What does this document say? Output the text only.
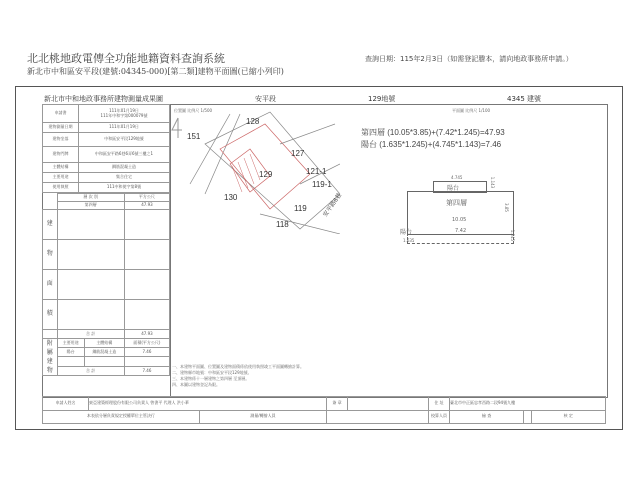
北北桃地政電傳全功能地籍資料查詢系統
新北市中和區安平段(建號:04345-000)[第二類]建物平面圖(已縮小列印)
查詢日期：115年2月3日（如需登記謄本，請向地政事務所申請。）
新北市中和地政事務所建物測量成果圖	安平段	129地號	4345 建號
申請書	111年01月19日
111年中和字第000079號
建物測量日期	111年01月19日
建物坐落	中和區安平段129地號
建物門牌	中和區安平路6巷6弄6號三樓之1
主體結構	鋼筋混凝土造
主要用途	集合住宅
使用執照	111中和使字第8號
	層 次 別		平方公尺
	第四層		47.93
建			
物			
面			
積			
	合 計		47.93

附
屬
建
物	主要用途	主體結構	面積(平方公尺)
	陽台	鋼筋混凝土造	7.46

	合 計		7.46
位置圖 比例尺 1/500	平面圖 比例尺 1/100
128
151
127
129
130
121-1
119-1
119
118
安平路6巷
第四層 (10.05*3.85)+(7.42*1.245)=47.93
陽台 (1.635*1.245)+(4.745*1.143)=7.46
4.745
陽台
第四層
10.05
3.85
7.42
陽台
1.635
1.143
1.245
一、本建物平面圖、位置圖及建物面積係依使用執照竣工平面圖轉繪計算。
二、建物縣市地號：中和區安平段129地號。
三、本建物係十一層建物之第四層 至頂層。
四、本圖以建物登記為限。
申請人姓名	東亞建築經理股份有限公司負責人 曾書平 代理人 洪小華		簽 章		住 址	臺北市中正區忠孝西路二段94號九樓		
本表依分層負責規定授權單位主管決行		測量/轉繪人員			校算人員	檢 查		核 定
